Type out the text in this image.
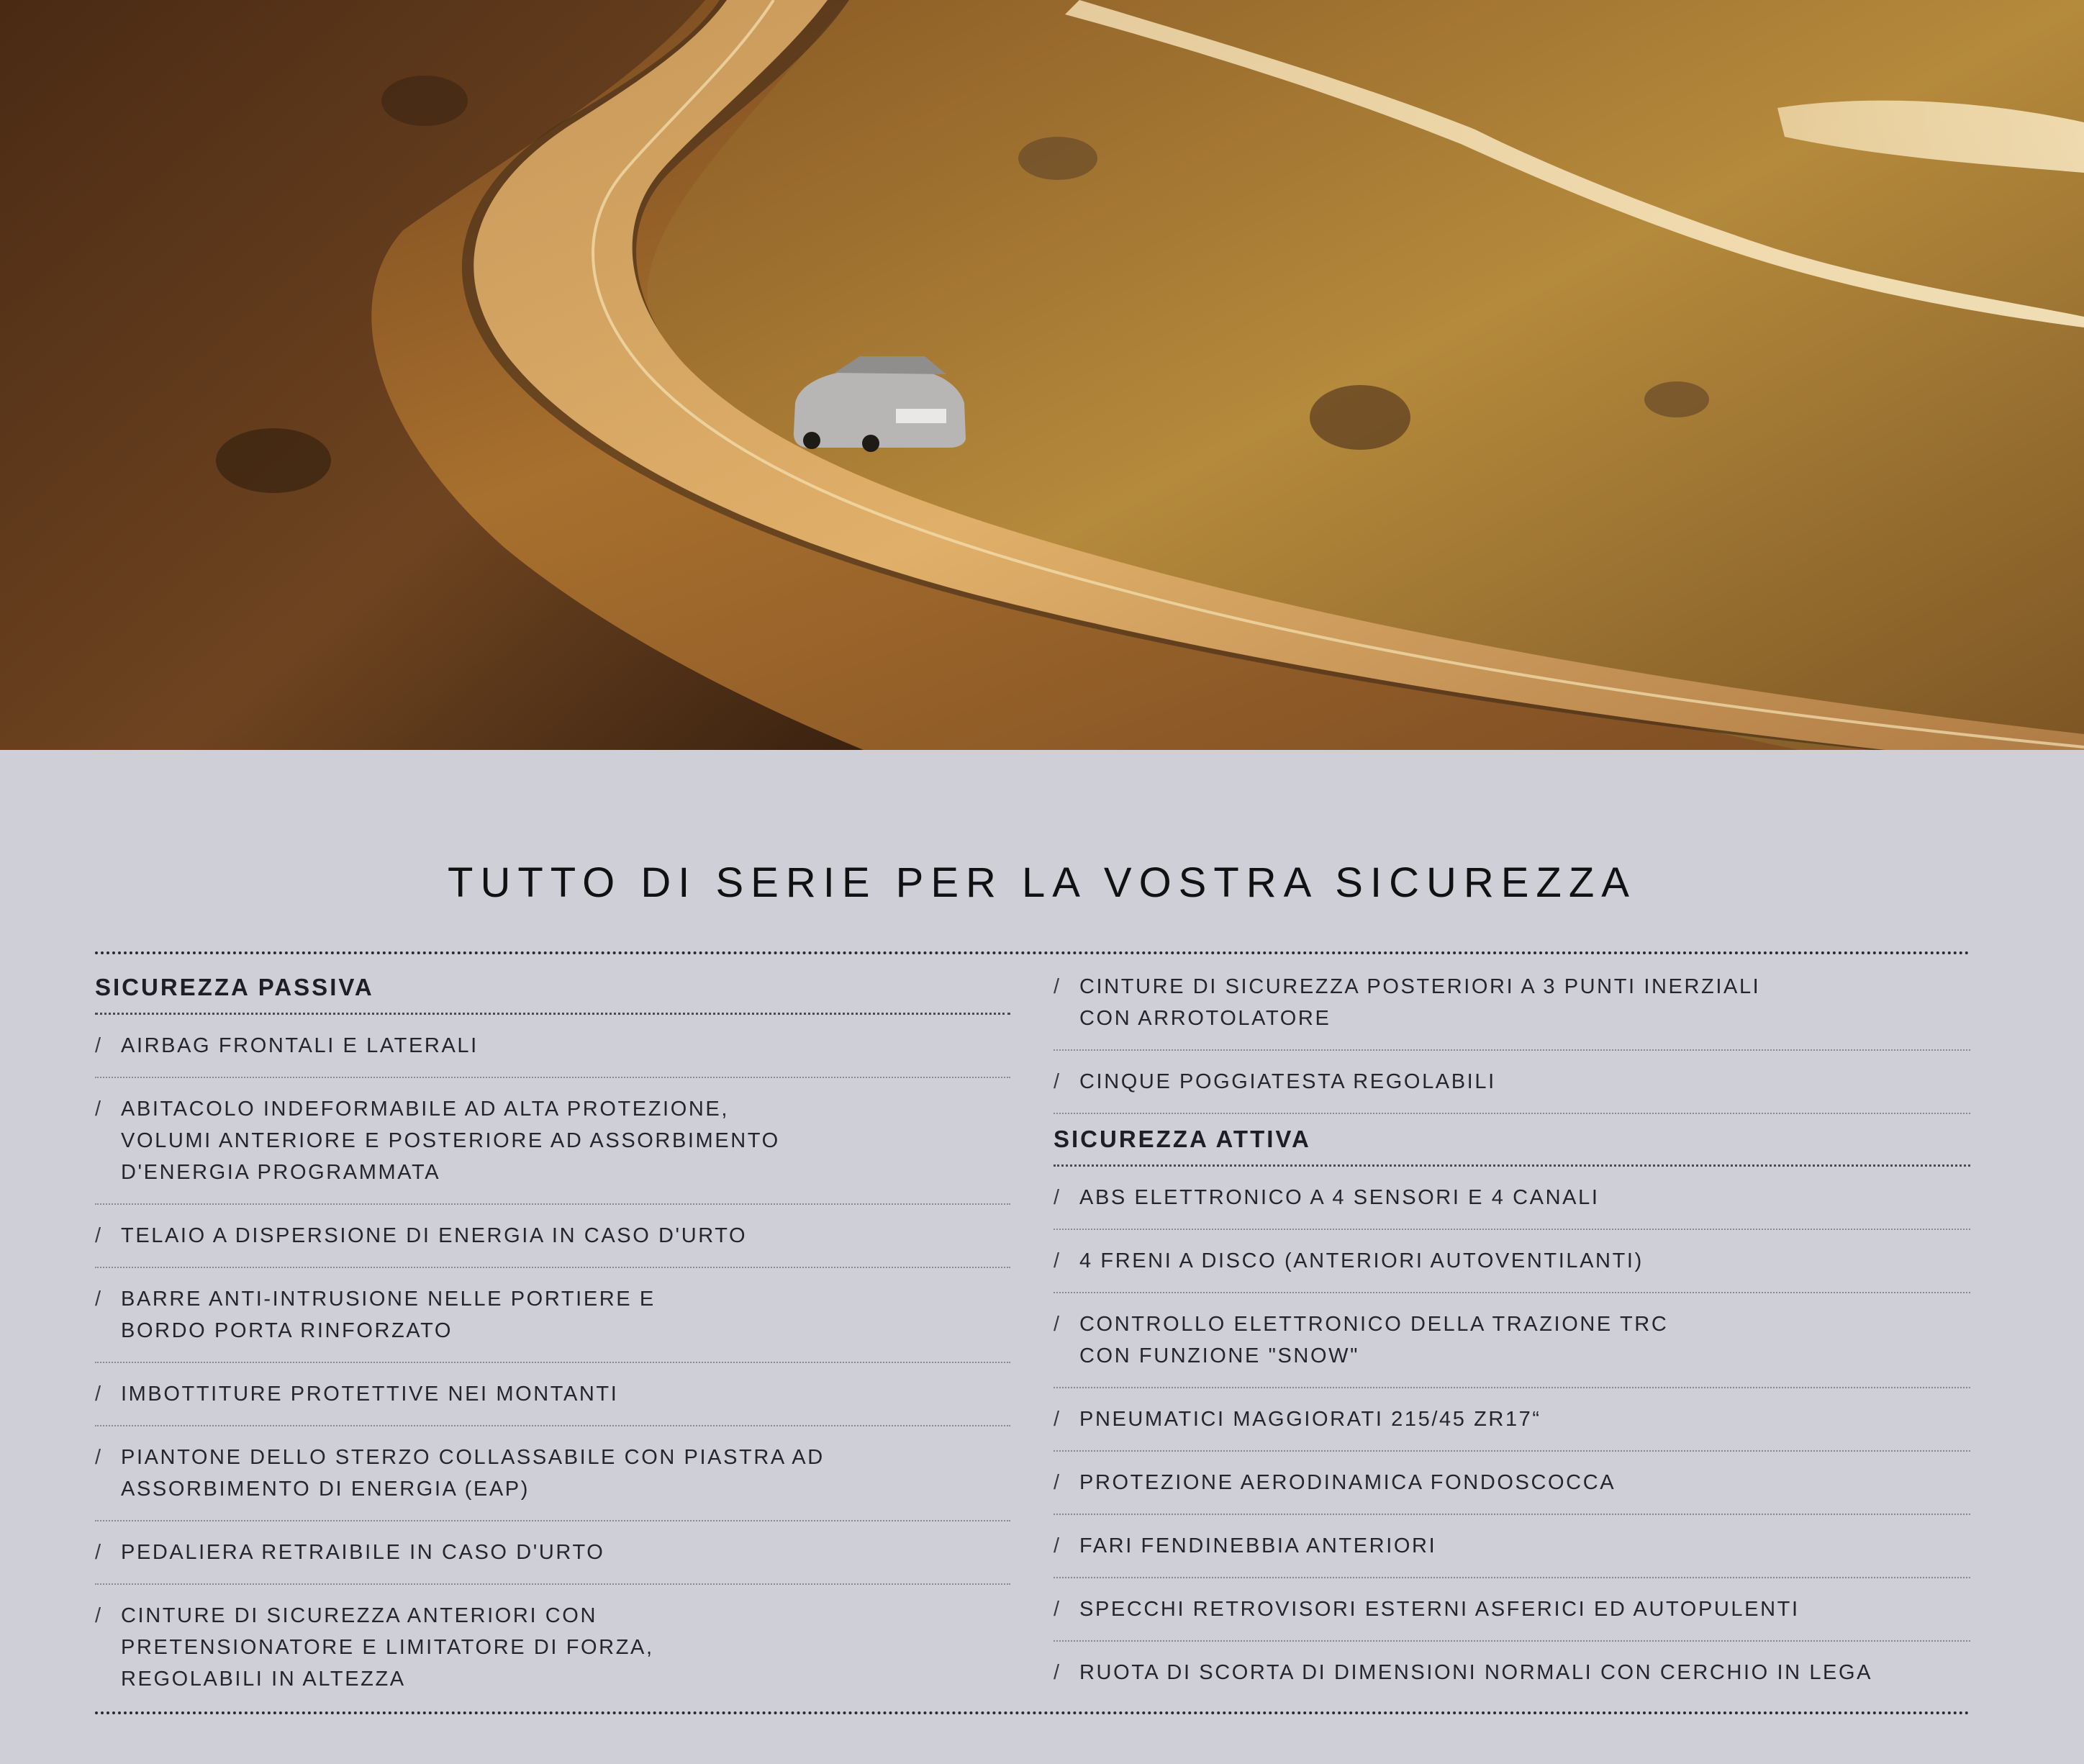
TUTTO DI SERIE PER LA VOSTRA SICUREZZA
SICUREZZA PASSIVA
/ AIRBAG FRONTALI E LATERALI
/ ABITACOLO INDEFORMABILE AD ALTA PROTEZIONE,
VOLUMI ANTERIORE E POSTERIORE AD ASSORBIMENTO
D'ENERGIA PROGRAMMATA
/ TELAIO A DISPERSIONE DI ENERGIA IN CASO D'URTO
/ BARRE ANTI-INTRUSIONE NELLE PORTIERE E
BORDO PORTA RINFORZATO
/ IMBOTTITURE PROTETTIVE NEI MONTANTI
/ PIANTONE DELLO STERZO COLLASSABILE CON PIASTRA AD
ASSORBIMENTO DI ENERGIA (EAP)
/ PEDALIERA RETRAIBILE IN CASO D'URTO
/ CINTURE DI SICUREZZA ANTERIORI CON
PRETENSIONATORE E LIMITATORE DI FORZA,
REGOLABILI IN ALTEZZA
/ CINTURE DI SICUREZZA POSTERIORI A 3 PUNTI INERZIALI
CON ARROTOLATORE
/ CINQUE POGGIATESTA REGOLABILI
SICUREZZA ATTIVA
/ ABS ELETTRONICO A 4 SENSORI E 4 CANALI
/ 4 FRENI A DISCO (ANTERIORI AUTOVENTILANTI)
/ CONTROLLO ELETTRONICO DELLA TRAZIONE TRC
CON FUNZIONE "SNOW"
/ PNEUMATICI MAGGIORATI 215/45 ZR17“
/ PROTEZIONE AERODINAMICA FONDOSCOCCA
/ FARI FENDINEBBIA ANTERIORI
/ SPECCHI RETROVISORI ESTERNI ASFERICI ED AUTOPULENTI
/ RUOTA DI SCORTA DI DIMENSIONI NORMALI CON CERCHIO IN LEGA
